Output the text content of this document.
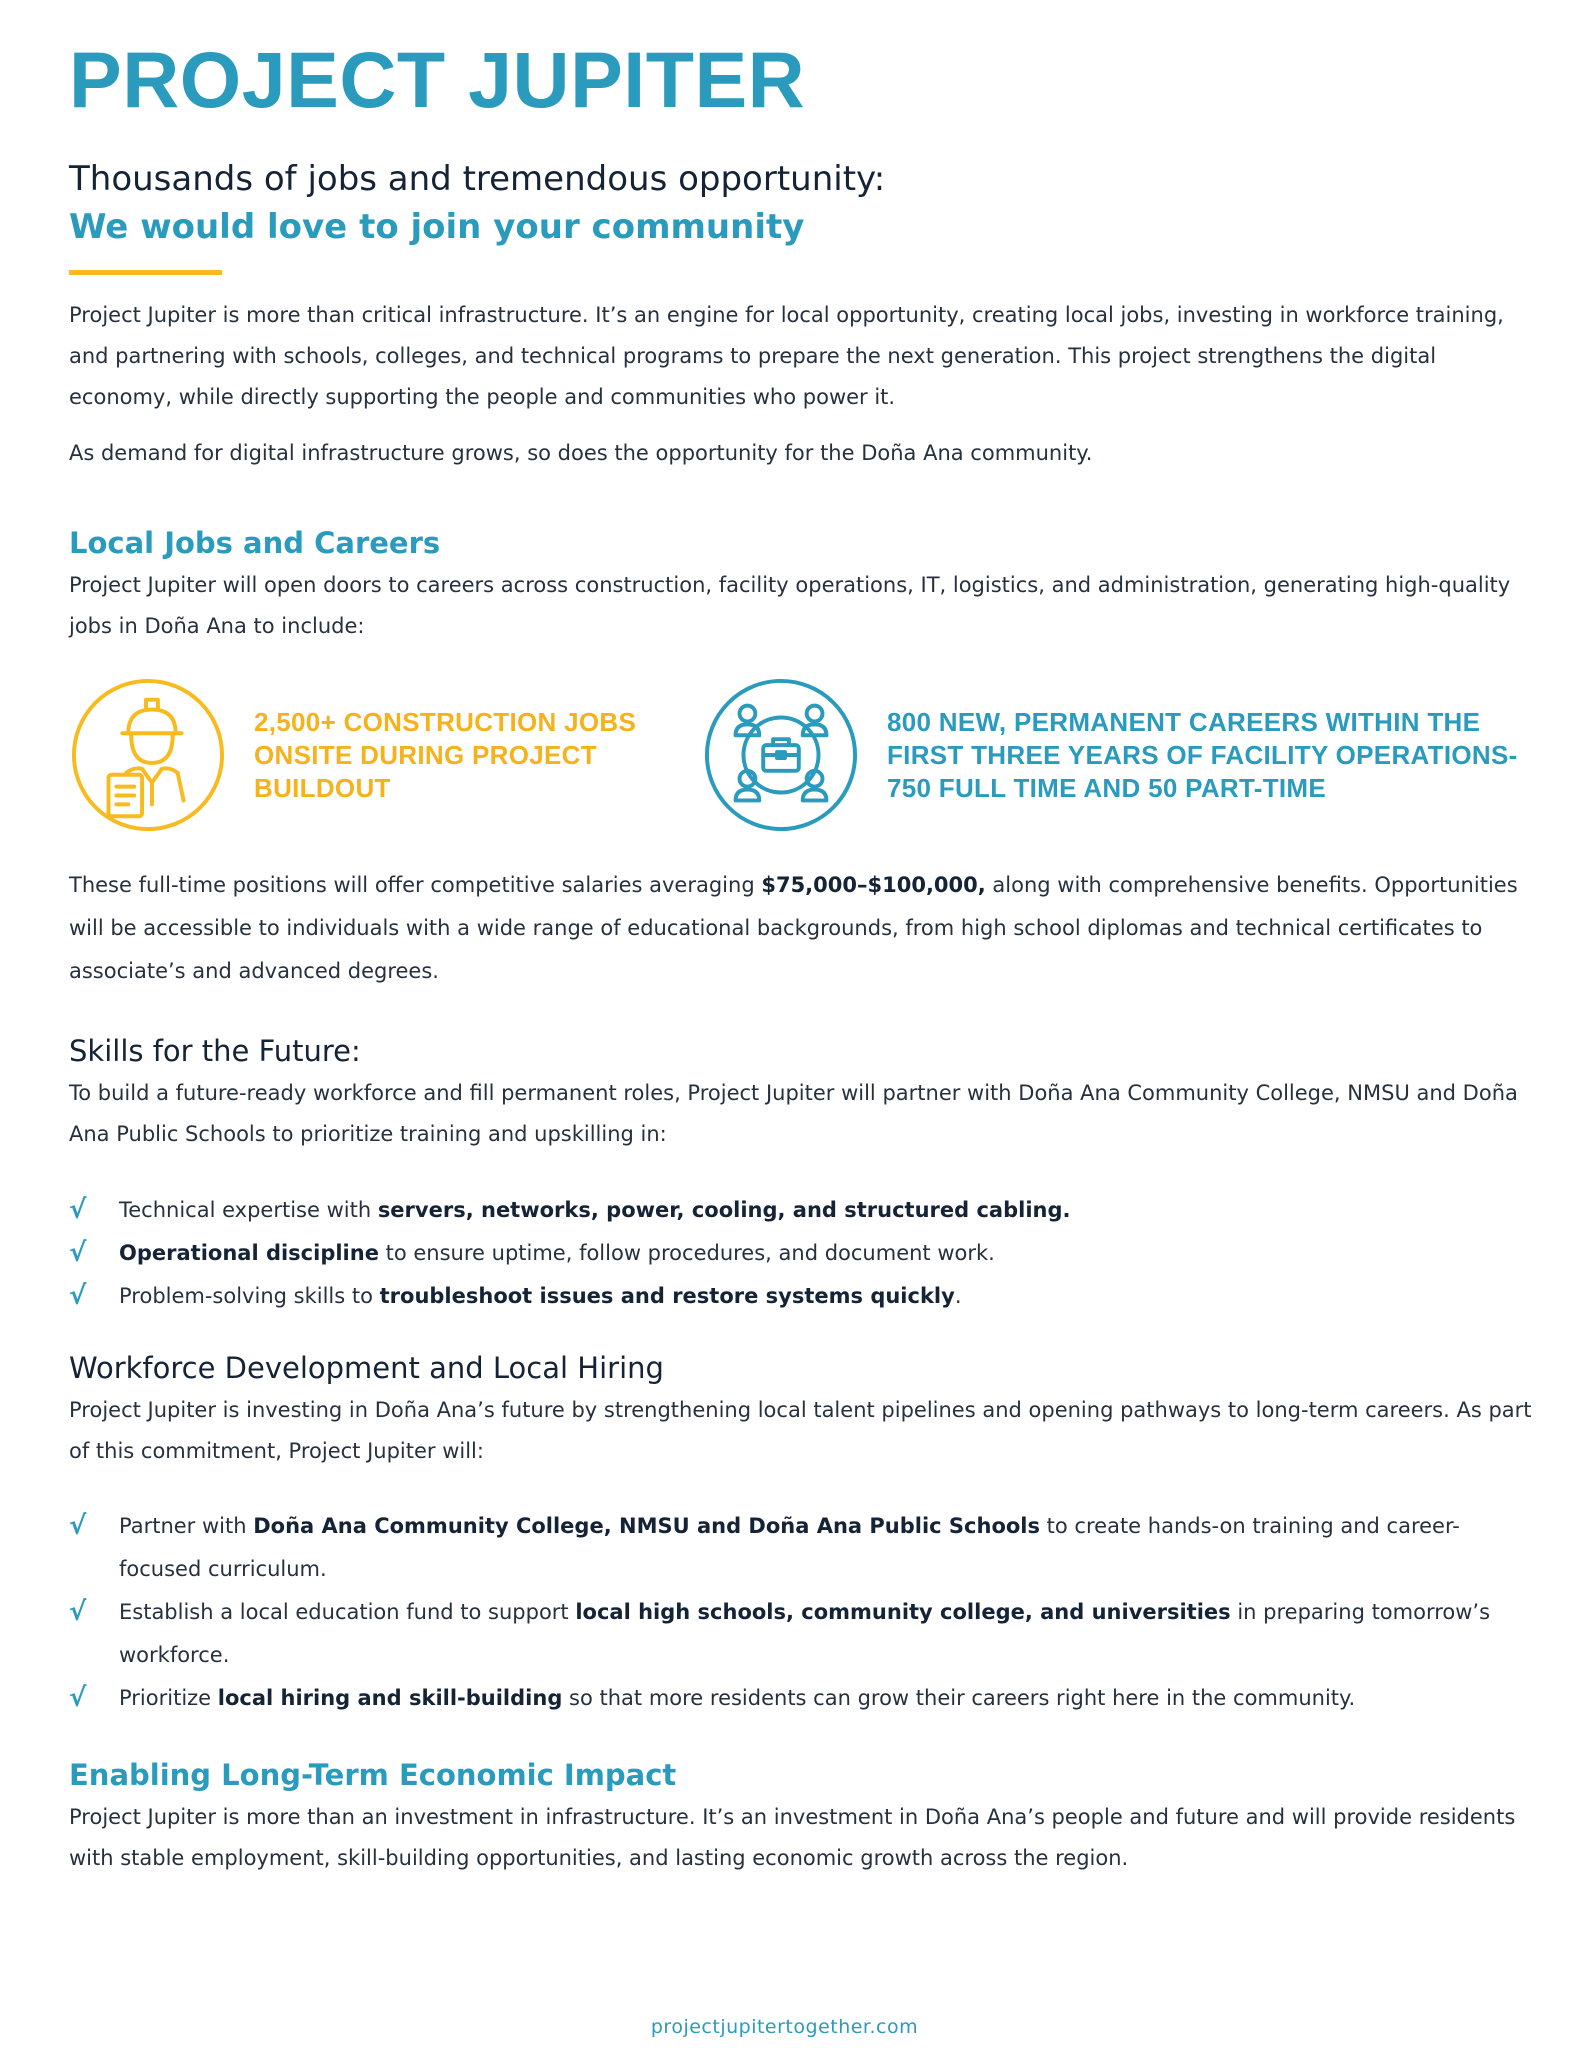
PROJECT JUPITER
Thousands of jobs and tremendous opportunity:
We would love to join your community

Project Jupiter is more than critical infrastructure. It’s an engine for local opportunity, creating local jobs, investing in workforce training, and partnering with schools, colleges, and technical programs to prepare the next generation. This project strengthens the digital economy, while directly supporting the people and communities who power it.

As demand for digital infrastructure grows, so does the opportunity for the Doña Ana community.

Local Jobs and Careers

Project Jupiter will open doors to careers across construction, facility operations, IT, logistics, and administration, generating high-quality jobs in Doña Ana to include:

2,500+ CONSTRUCTION JOBS ONSITE DURING PROJECT BUILDOUT
800 NEW, PERMANENT CAREERS WITHIN THE FIRST THREE YEARS OF FACILITY OPERATIONS- 750 FULL TIME AND 50 PART-TIME

These full-time positions will offer competitive salaries averaging $75,000–$100,000, along with comprehensive benefits. Opportunities will be accessible to individuals with a wide range of educational backgrounds, from high school diplomas and technical certificates to associate’s and advanced degrees.

Skills for the Future:

To build a future-ready workforce and fill permanent roles, Project Jupiter will partner with Doña Ana Community College, NMSU and Doña Ana Public Schools to prioritize training and upskilling in:

√ Technical expertise with servers, networks, power, cooling, and structured cabling.
√ Operational discipline to ensure uptime, follow procedures, and document work.
√ Problem-solving skills to troubleshoot issues and restore systems quickly.
Workforce Development and Local Hiring

Project Jupiter is investing in Doña Ana’s future by strengthening local talent pipelines and opening pathways to long-term careers. As part of this commitment, Project Jupiter will:

√ Partner with Doña Ana Community College, NMSU and Doña Ana Public Schools to create hands-on training and career-focused curriculum.
√ Establish a local education fund to support local high schools, community college, and universities in preparing tomorrow’s workforce.
√ Prioritize local hiring and skill-building so that more residents can grow their careers right here in the community.
Enabling Long-Term Economic Impact

Project Jupiter is more than an investment in infrastructure. It’s an investment in Doña Ana’s people and future and will provide residents with stable employment, skill-building opportunities, and lasting economic growth across the region.

projectjupitertogether.com
